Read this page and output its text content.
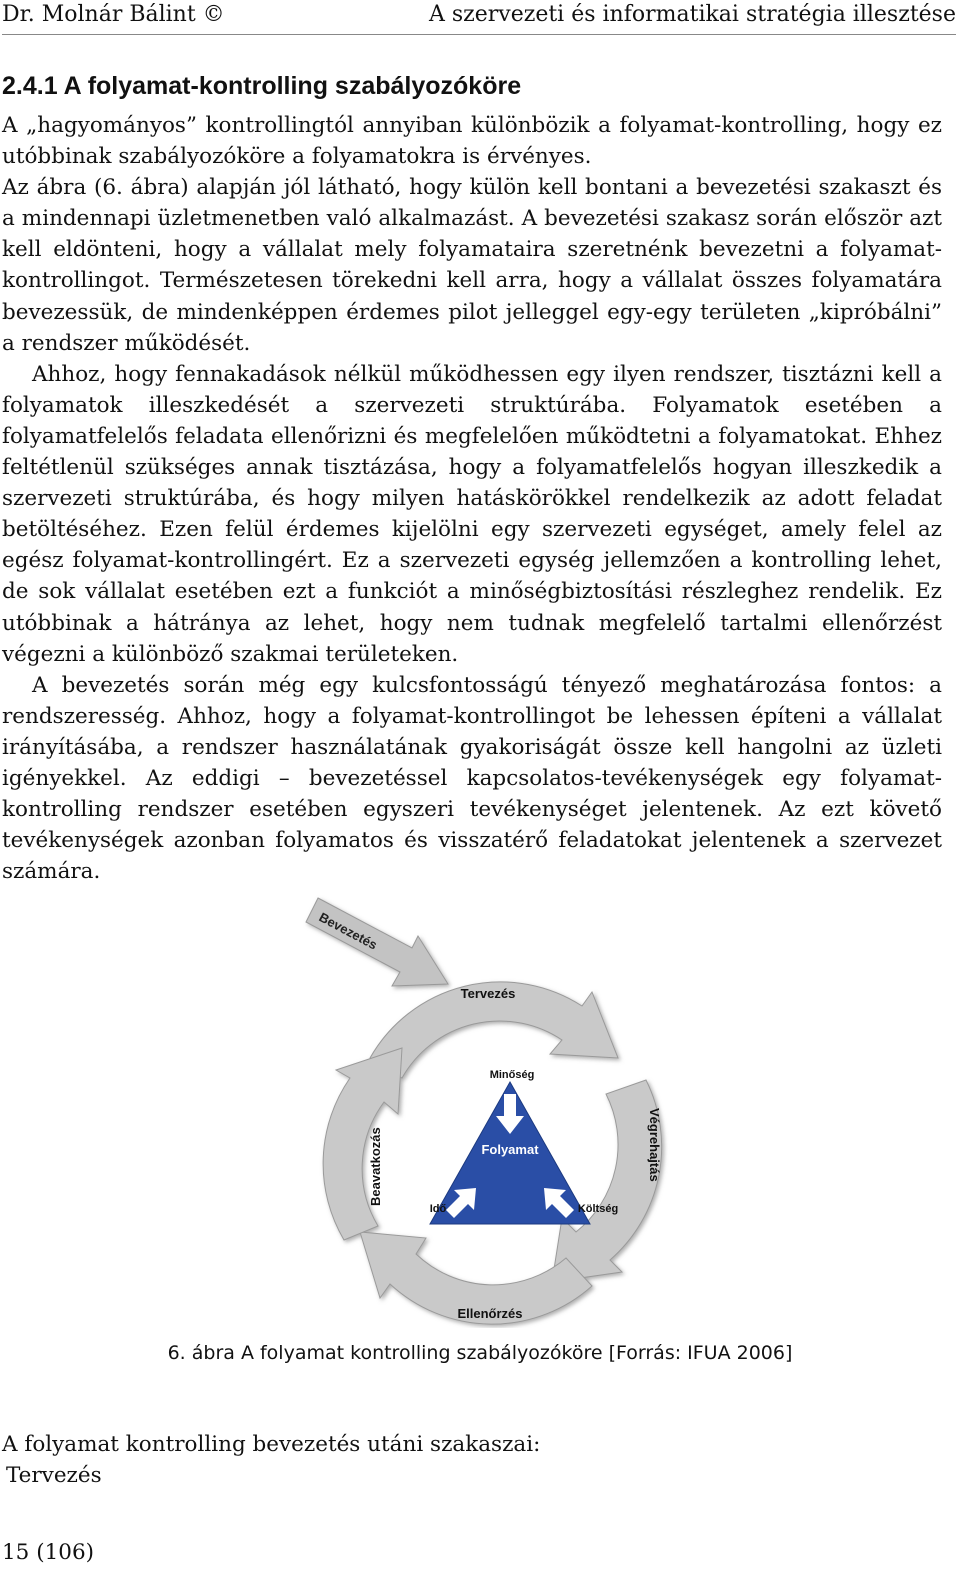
Dr. Molnár Bálint ©	A szervezeti és informatikai stratégia illesztése
2.4.1 A folyamat-kontrolling szabályozóköre

A „hagyományos” kontrollingtól annyiban különbözik a folyamat-kontrolling, hogy ez utóbbinak szabályozóköre a folyamatokra is érvényes.

Az ábra (6. ábra) alapján jól látható, hogy külön kell bontani a bevezetési szakaszt és a mindennapi üzletmenetben való alkalmazást. A bevezetési szakasz során először azt kell eldönteni, hogy a vállalat mely folyamataira szeretnénk bevezetni a folyamat-kontrollingot. Természetesen törekedni kell arra, hogy a vállalat összes folyamatára bevezessük, de mindenképpen érdemes pilot jelleggel egy-egy területen „kipróbálni” a rendszer működését.

Ahhoz, hogy fennakadások nélkül működhessen egy ilyen rendszer, tisztázni kell a folyamatok illeszkedését a szervezeti struktúrába. Folyamatok esetében a folyamatfelelős feladata ellenőrizni és megfelelően működtetni a folyamatokat. Ehhez feltétlenül szükséges annak tisztázása, hogy a folyamatfelelős hogyan illeszkedik a szervezeti struktúrába, és hogy milyen hatáskörökkel rendelkezik az adott feladat betöltéséhez. Ezen felül érdemes kijelölni egy szervezeti egységet, amely felel az egész folyamat-kontrollingért. Ez a szervezeti egység jellemzően a kontrolling lehet, de sok vállalat esetében ezt a funkciót a minőségbiztosítási részleghez rendelik. Ez utóbbinak a hátránya az lehet, hogy nem tudnak megfelelő tartalmi ellenőrzést végezni a különböző szakmai területeken.

A bevezetés során még egy kulcsfontosságú tényező meghatározása fontos: a rendszeresség. Ahhoz, hogy a folyamat-kontrollingot be lehessen építeni a vállalat irányításába, a rendszer használatának gyakoriságát össze kell hangolni az üzleti igényekkel. Az eddigi – bevezetéssel kapcsolatos-tevékenységek egy folyamat-kontrolling rendszer esetében egyszeri tevékenységet jelentenek. Az ezt követő tevékenységek azonban folyamatos és visszatérő feladatokat jelentenek a szervezet számára.

Bevezetés
Tervezés
Végrehajtás
Ellenőrzés
Beavatkozás	Folyamat
Minőség
Idő	Költség
6. ábra A folyamat kontrolling szabályozóköre [Forrás: IFUA 2006]
A folyamat kontrolling bevezetés utáni szakaszai:
Tervezés
15 (106)
